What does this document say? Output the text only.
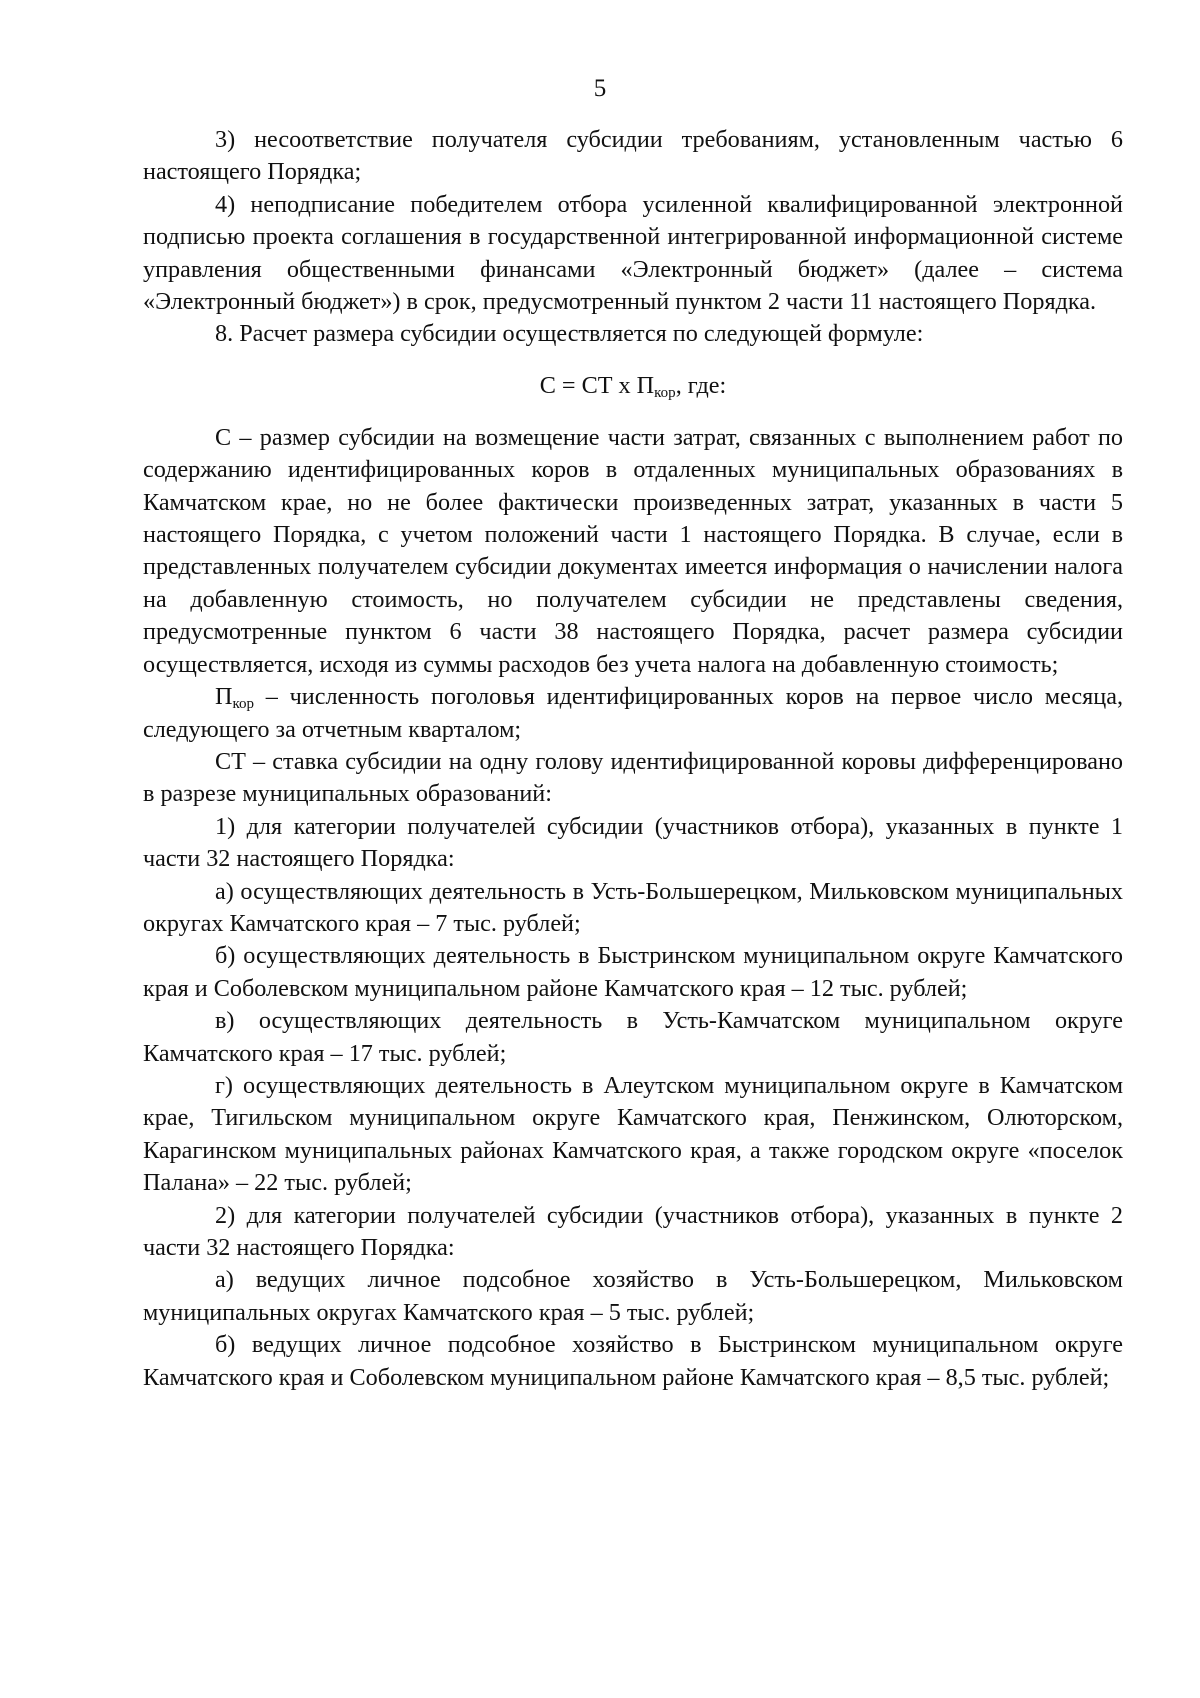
5

3) несоответствие получателя субсидии требованиям, установленным частью 6 настоящего Порядка;

4) неподписание победителем отбора усиленной квалифицированной электронной подписью проекта соглашения в государственной интегрированной информационной системе управления общественными финансами «Электронный бюджет» (далее – система «Электронный бюджет») в срок, предусмотренный пунктом 2 части 11 настоящего Порядка.

8. Расчет размера субсидии осуществляется по следующей формуле:

С = СТ х $П_{кор}$, где:

С – размер субсидии на возмещение части затрат, связанных с выполнением работ по содержанию идентифицированных коров в отдаленных муниципальных образованиях в Камчатском крае, но не более фактически произведенных затрат, указанных в части 5 настоящего Порядка, с учетом положений части 1 настоящего Порядка. В случае, если в представленных получателем субсидии документах имеется информация о начислении налога на добавленную стоимость, но получателем субсидии не представлены сведения, предусмотренные пунктом 6 части 38 настоящего Порядка, расчет размера субсидии осуществляется, исходя из суммы расходов без учета налога на добавленную стоимость;

$П_{кор}$ – численность поголовья идентифицированных коров на первое число месяца, следующего за отчетным кварталом;

СТ – ставка субсидии на одну голову идентифицированной коровы дифференцировано в разрезе муниципальных образований:

1) для категории получателей субсидии (участников отбора), указанных в пункте 1 части 32 настоящего Порядка:

а) осуществляющих деятельность в Усть-Большерецком, Мильковском муниципальных округах Камчатского края – 7 тыс. рублей;

б) осуществляющих деятельность в Быстринском муниципальном округе Камчатского края и Соболевском муниципальном районе Камчатского края – 12 тыс. рублей;

в) осуществляющих деятельность в Усть-Камчатском муниципальном округе Камчатского края – 17 тыс. рублей;

г) осуществляющих деятельность в Алеутском муниципальном округе в Камчатском крае, Тигильском муниципальном округе Камчатского края, Пенжинском, Олюторском, Карагинском муниципальных районах Камчатского края, а также городском округе «поселок Палана» – 22 тыс. рублей;

2) для категории получателей субсидии (участников отбора), указанных в пункте 2 части 32 настоящего Порядка:

а) ведущих личное подсобное хозяйство в Усть-Большерецком, Мильковском муниципальных округах Камчатского края – 5 тыс. рублей;

б) ведущих личное подсобное хозяйство в Быстринском муниципальном округе Камчатского края и Соболевском муниципальном районе Камчатского края – 8,5 тыс. рублей;
